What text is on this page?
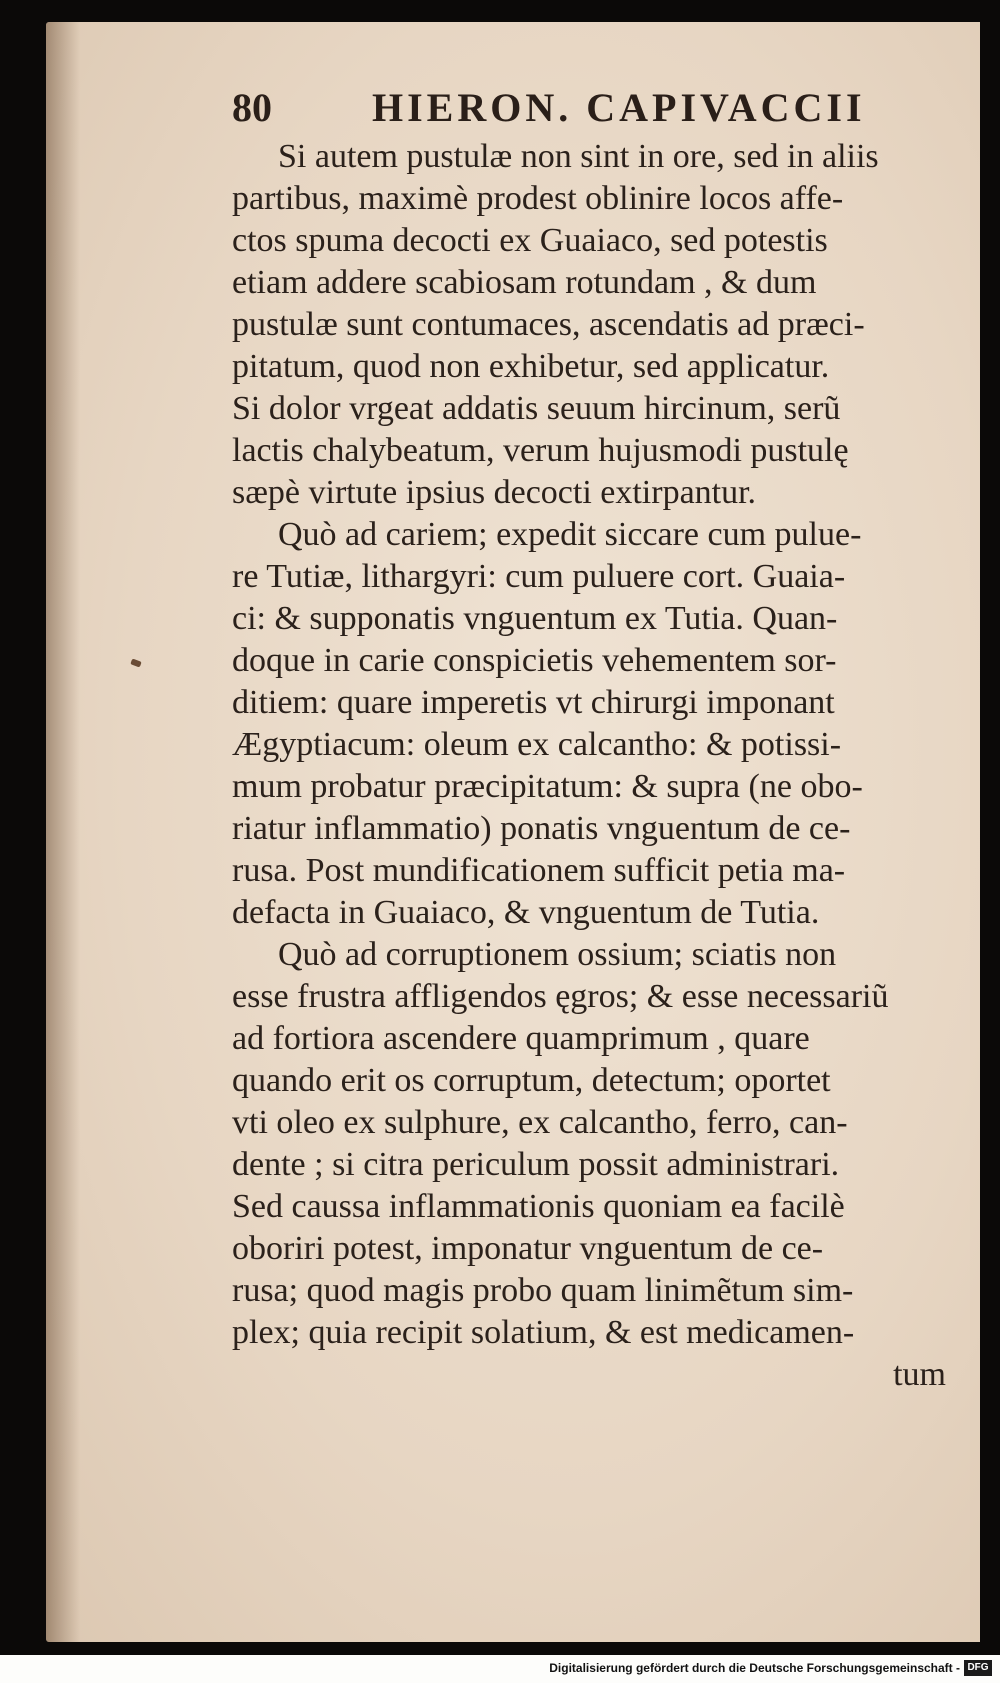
80	HIERON. CAPIVACCII
Si autem pustulæ non sint in ore, sed in aliis
partibus, maximè prodest oblinire locos affe-
ctos spuma decocti ex Guaiaco, sed potestis
etiam addere scabiosam rotundam , & dum
pustulæ sunt contumaces, ascendatis ad præci-
pitatum, quod non exhibetur, sed applicatur.
Si dolor vrgeat addatis seuum hircinum, serũ
lactis chalybeatum, verum hujusmodi pustulę
sæpè virtute ipsius decocti extirpantur.
Quò ad cariem; expedit siccare cum pulue-
re Tutiæ, lithargyri: cum puluere cort. Guaia-
ci: & supponatis vnguentum ex Tutia. Quan-
doque in carie conspicietis vehementem sor-
ditiem: quare imperetis vt chirurgi imponant
Ægyptiacum: oleum ex calcantho: & potissi-
mum probatur præcipitatum: & supra (ne obo-
riatur inflammatio) ponatis vnguentum de ce-
rusa. Post mundificationem sufficit petia ma-
defacta in Guaiaco, & vnguentum de Tutia.
Quò ad corruptionem ossium; sciatis non
esse frustra affligendos ęgros; & esse necessariũ
ad fortiora ascendere quamprimum , quare
quando erit os corruptum, detectum; oportet
vti oleo ex sulphure, ex calcantho, ferro, can-
dente ; si citra periculum possit administrari.
Sed caussa inflammationis quoniam ea facilè
oboriri potest, imponatur vnguentum de ce-
rusa; quod magis probo quam linimẽtum sim-
plex; quia recipit solatium, & est medicamen-
tum
Digitalisierung gefördert durch die Deutsche Forschungsgemeinschaft - DFG
